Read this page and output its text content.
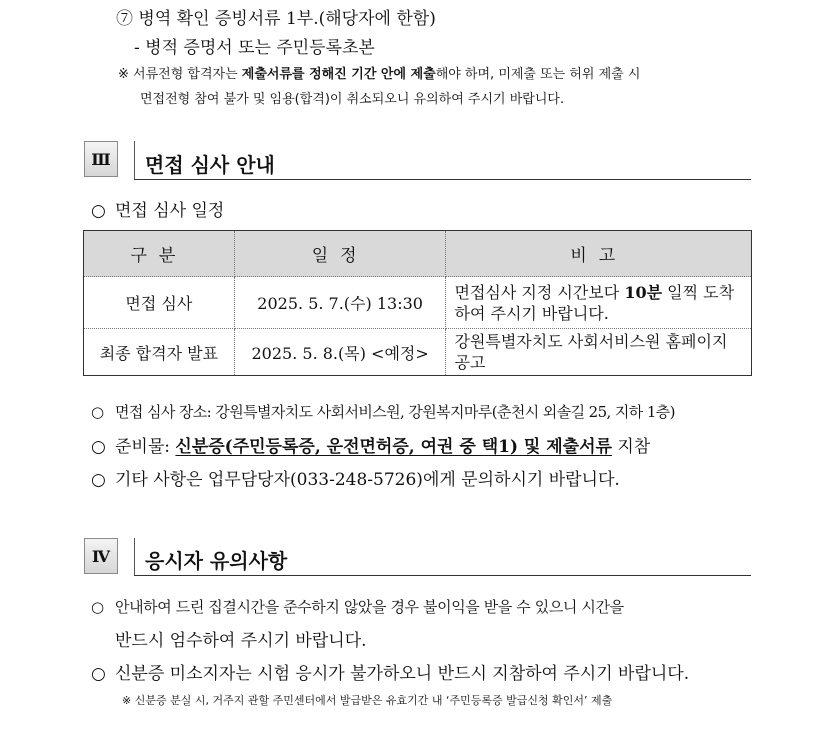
⑦ 병역 확인 증빙서류 1부.(해당자에 한함)
- 병적 증명서 또는 주민등록초본
※ 서류전형 합격자는 제출서류를 정해진 기간 안에 제출해야 하며, 미제출 또는 허위 제출 시
면접전형 참여 불가 및 임용(합격)이 취소되오니 유의하여 주시기 바랍니다.
Ⅲ	면접 심사 안내
○ 면접 심사 일정
구분	일정	비고
면접 심사	2025. 5. 7.(수) 13:30	면접심사 지정 시간보다 10분 일찍 도착하여 주시기 바랍니다.
최종 합격자 발표	2025. 5. 8.(목) <예정>	강원특별자치도 사회서비스원 홈페이지 공고
○ 면접 심사 장소: 강원특별자치도 사회서비스원, 강원복지마루(춘천시 외솔길 25, 지하 1층)
○ 준비물: 신분증(주민등록증, 운전면허증, 여권 중 택1) 및 제출서류 지참
○ 기타 사항은 업무담당자(033-248-5726)에게 문의하시기 바랍니다.
Ⅳ	응시자 유의사항
○ 안내하여 드린 집결시간을 준수하지 않았을 경우 불이익을 받을 수 있으니 시간을
반드시 엄수하여 주시기 바랍니다.
○ 신분증 미소지자는 시험 응시가 불가하오니 반드시 지참하여 주시기 바랍니다.
※ 신분증 분실 시, 거주지 관할 주민센터에서 발급받은 유효기간 내 ‘주민등록증 발급신청 확인서’ 제출
